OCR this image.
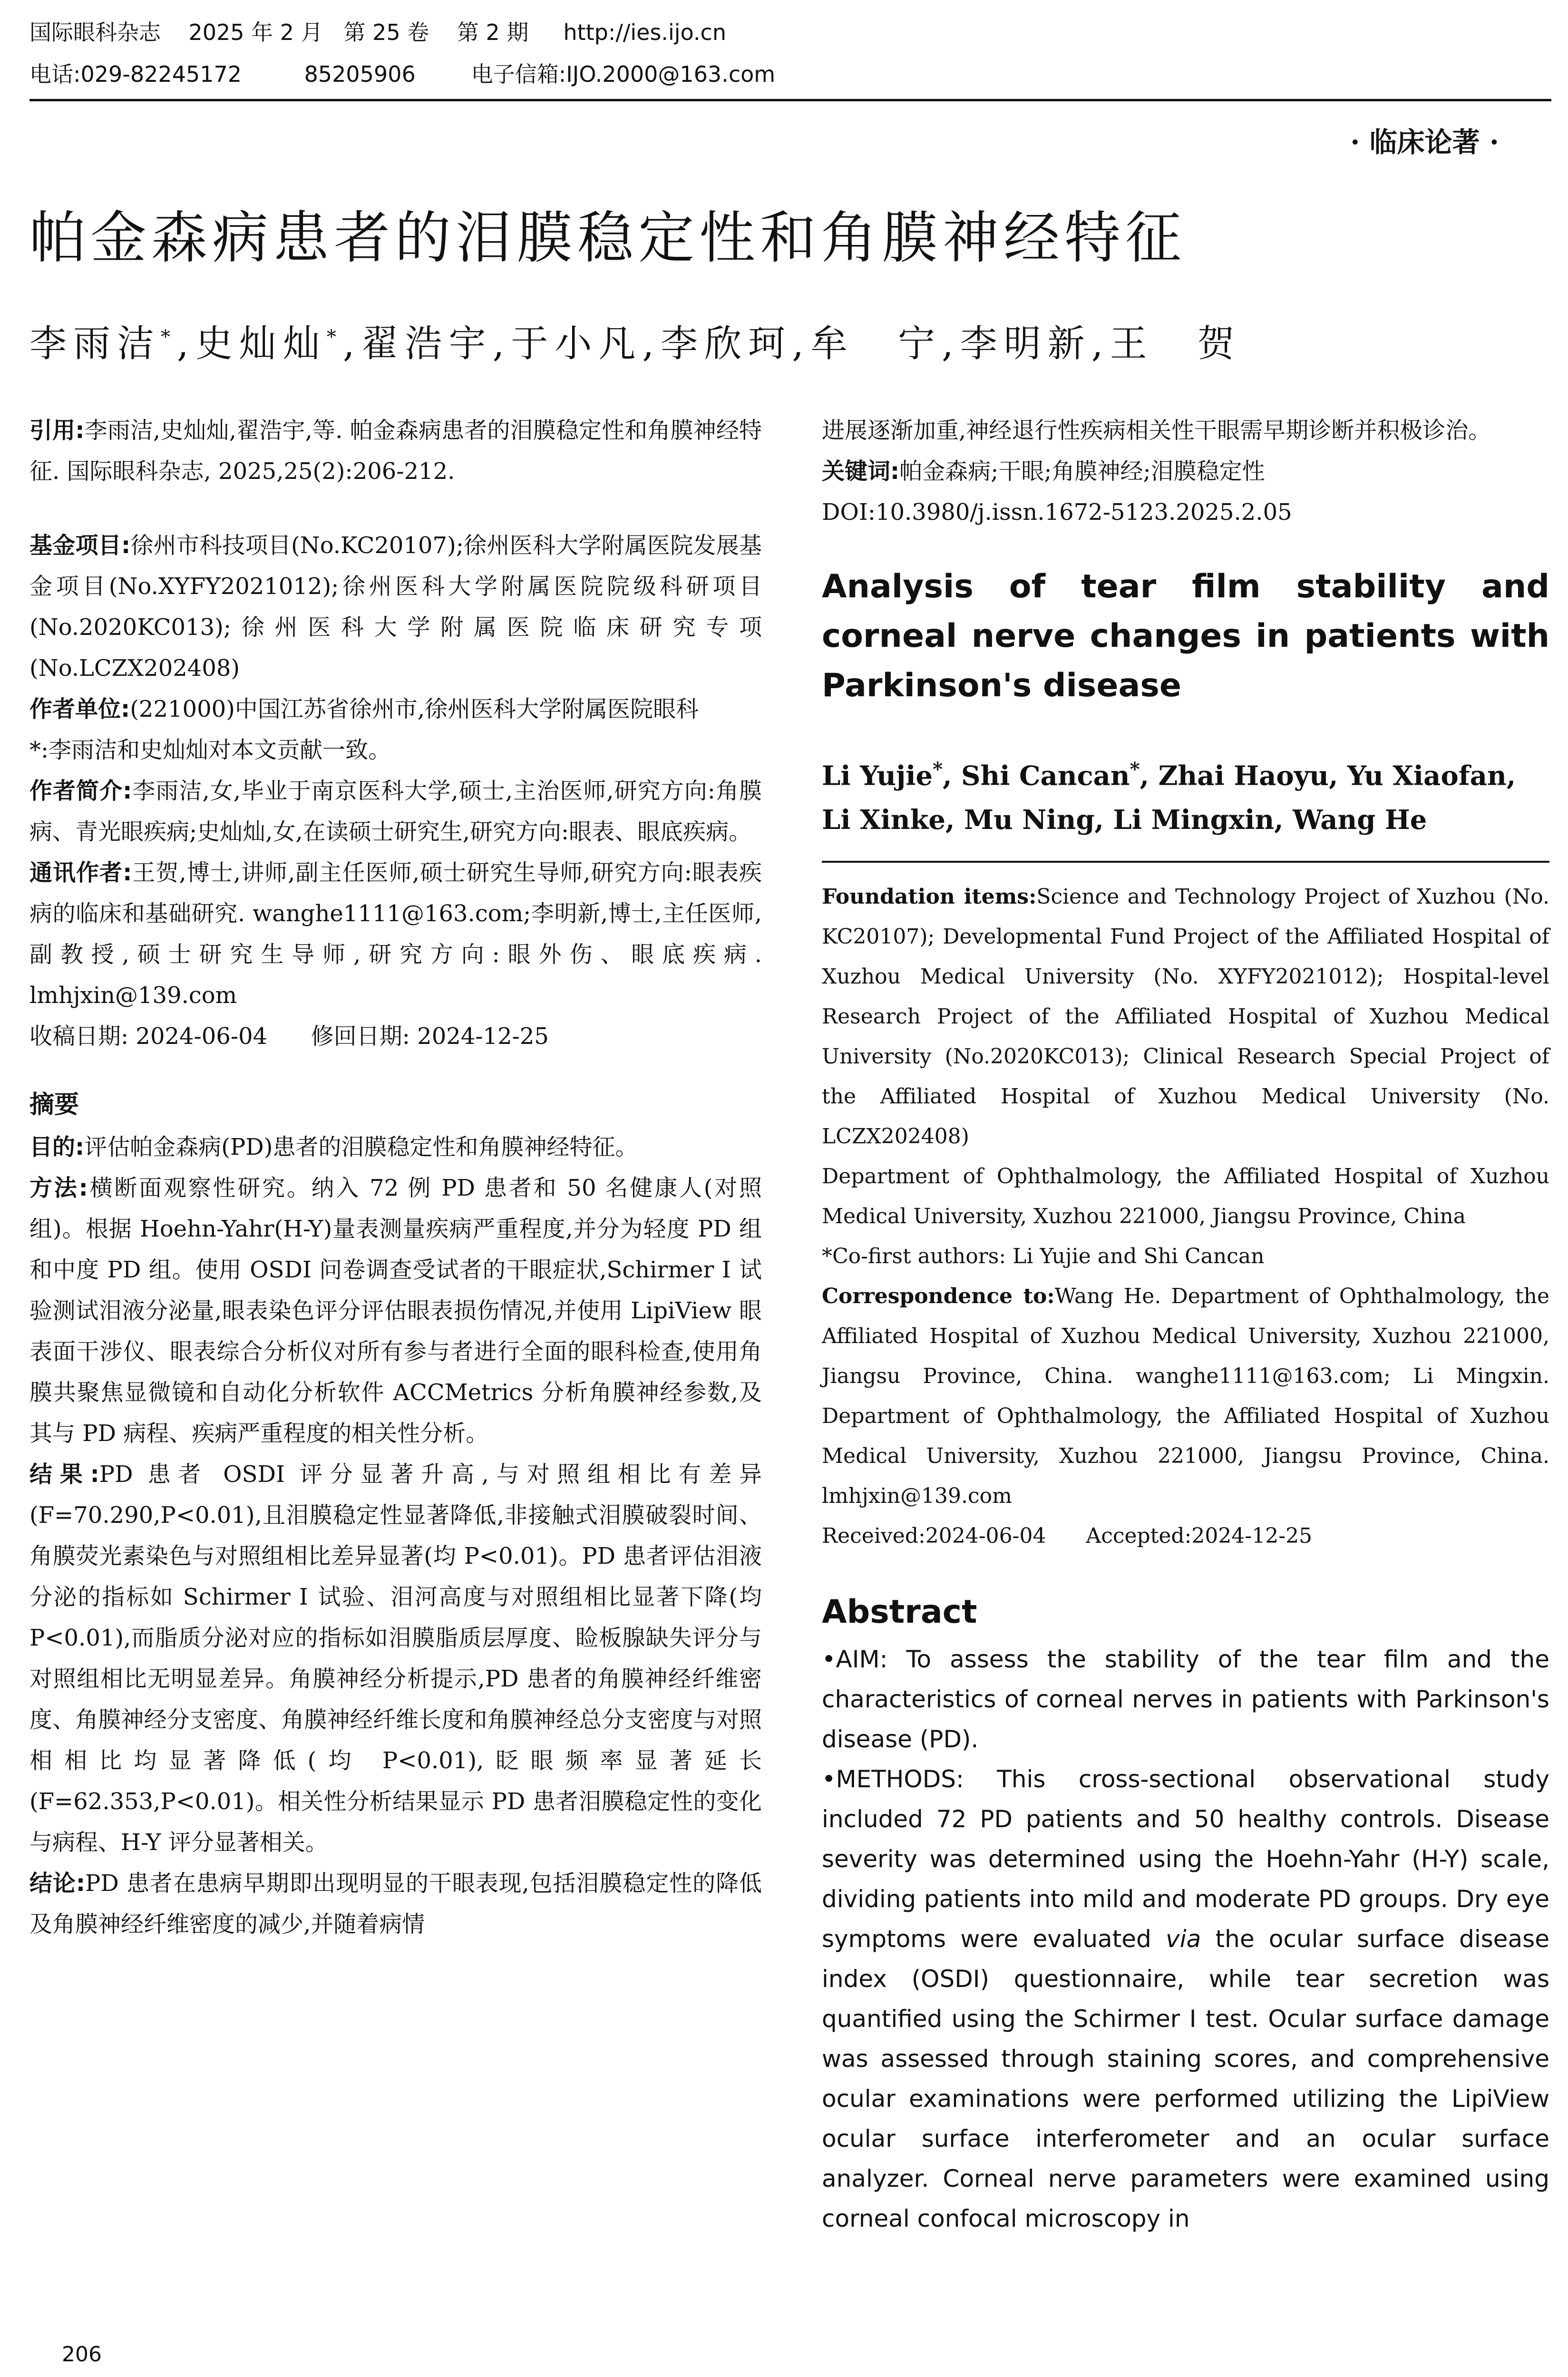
国际眼科杂志    2025 年 2 月   第 25 卷    第 2 期     http://ies.ijo.cn
电话:029-82245172         85205906        电子信箱:IJO.2000@163.com
· 临床论著 ·
帕金森病患者的泪膜稳定性和角膜神经特征
李雨洁*,史灿灿*,翟浩宇,于小凡,李欣珂,牟　宁,李明新,王　贺

引用:李雨洁,史灿灿,翟浩宇,等. 帕金森病患者的泪膜稳定性和角膜神经特征. 国际眼科杂志, 2025,25(2):206-212.

基金项目:徐州市科技项目(No.KC20107);徐州医科大学附属医院发展基金项目(No.XYFY2021012);徐州医科大学附属医院院级科研项目(No.2020KC013);徐州医科大学附属医院临床研究专项(No.LCZX202408)

作者单位:(221000)中国江苏省徐州市,徐州医科大学附属医院眼科

*:李雨洁和史灿灿对本文贡献一致。

作者简介:李雨洁,女,毕业于南京医科大学,硕士,主治医师,研究方向:角膜病、青光眼疾病;史灿灿,女,在读硕士研究生,研究方向:眼表、眼底疾病。

通讯作者:王贺,博士,讲师,副主任医师,硕士研究生导师,研究方向:眼表疾病的临床和基础研究. wanghe1111@163.com;李明新,博士,主任医师,副教授,硕士研究生导师,研究方向:眼外伤、眼底疾病. lmhjxin@139.com

收稿日期: 2024-06-04      修回日期: 2024-12-25

摘要

目的:评估帕金森病(PD)患者的泪膜稳定性和角膜神经特征。

方法:横断面观察性研究。纳入 72 例 PD 患者和 50 名健康人(对照组)。根据 Hoehn-Yahr(H-Y)量表测量疾病严重程度,并分为轻度 PD 组和中度 PD 组。使用 OSDI 问卷调查受试者的干眼症状,Schirmer Ⅰ 试验测试泪液分泌量,眼表染色评分评估眼表损伤情况,并使用 LipiView 眼表面干涉仪、眼表综合分析仪对所有参与者进行全面的眼科检查,使用角膜共聚焦显微镜和自动化分析软件 ACCMetrics 分析角膜神经参数,及其与 PD 病程、疾病严重程度的相关性分析。

结果:PD 患者 OSDI 评分显著升高,与对照组相比有差异(F=70.290,P<0.01),且泪膜稳定性显著降低,非接触式泪膜破裂时间、角膜荧光素染色与对照组相比差异显著(均 P<0.01)。PD 患者评估泪液分泌的指标如 Schirmer Ⅰ 试验、泪河高度与对照组相比显著下降(均 P<0.01),而脂质分泌对应的指标如泪膜脂质层厚度、睑板腺缺失评分与对照组相比无明显差异。角膜神经分析提示,PD 患者的角膜神经纤维密度、角膜神经分支密度、角膜神经纤维长度和角膜神经总分支密度与对照相相比均显著降低(均 P<0.01),眨眼频率显著延长(F=62.353,P<0.01)。相关性分析结果显示 PD 患者泪膜稳定性的变化与病程、H-Y 评分显著相关。

结论:PD 患者在患病早期即出现明显的干眼表现,包括泪膜稳定性的降低及角膜神经纤维密度的减少,并随着病情

进展逐渐加重,神经退行性疾病相关性干眼需早期诊断并积极诊治。

关键词:帕金森病;干眼;角膜神经;泪膜稳定性

DOI:10.3980/j.issn.1672-5123.2025.2.05

Analysis of tear film stability and corneal nerve changes in patients with Parkinson's disease
Li Yujie*, Shi Cancan*, Zhai Haoyu, Yu Xiaofan, Li Xinke, Mu Ning, Li Mingxin, Wang He

Foundation items:Science and Technology Project of Xuzhou (No. KC20107); Developmental Fund Project of the Affiliated Hospital of Xuzhou Medical University (No. XYFY2021012); Hospital-level Research Project of the Affiliated Hospital of Xuzhou Medical University (No.2020KC013); Clinical Research Special Project of the Affiliated Hospital of Xuzhou Medical University (No. LCZX202408)

Department of Ophthalmology, the Affiliated Hospital of Xuzhou Medical University, Xuzhou 221000, Jiangsu Province, China

*Co-first authors: Li Yujie and Shi Cancan

Correspondence to:Wang He. Department of Ophthalmology, the Affiliated Hospital of Xuzhou Medical University, Xuzhou 221000, Jiangsu Province, China. wanghe1111@163.com; Li Mingxin. Department of Ophthalmology, the Affiliated Hospital of Xuzhou Medical University, Xuzhou 221000, Jiangsu Province, China. lmhjxin@139.com

Received:2024-06-04      Accepted:2024-12-25

Abstract

•AIM: To assess the stability of the tear film and the characteristics of corneal nerves in patients with Parkinson's disease (PD).

•METHODS: This cross-sectional observational study included 72 PD patients and 50 healthy controls. Disease severity was determined using the Hoehn-Yahr (H-Y) scale, dividing patients into mild and moderate PD groups. Dry eye symptoms were evaluated via the ocular surface disease index (OSDI) questionnaire, while tear secretion was quantified using the Schirmer I test. Ocular surface damage was assessed through staining scores, and comprehensive ocular examinations were performed utilizing the LipiView ocular surface interferometer and an ocular surface analyzer. Corneal nerve parameters were examined using corneal confocal microscopy in

206
